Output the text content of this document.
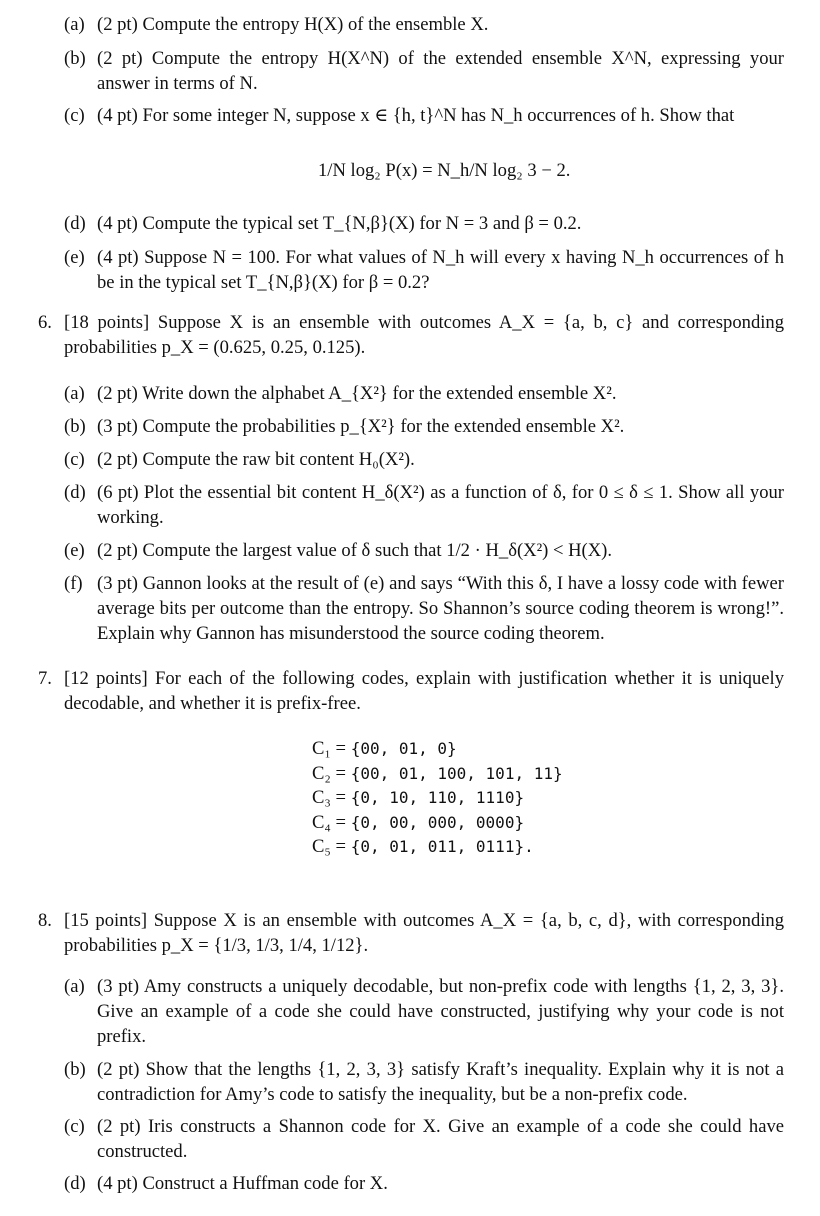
(a) (2 pt) Compute the entropy H(X) of the ensemble X.
(b) (2 pt) Compute the entropy H(X^N) of the extended ensemble X^N, expressing your answer in terms of N.
(c) (4 pt) For some integer N, suppose x ∈ {h, t}^N has N_h occurrences of h. Show that
1/N log₂ P(x) = N_h/N log₂ 3 − 2.
(d) (4 pt) Compute the typical set T_{N,β}(X) for N = 3 and β = 0.2.
(e) (4 pt) Suppose N = 100. For what values of N_h will every x having N_h occurrences of h be in the typical set T_{N,β}(X) for β = 0.2?
6. [18 points] Suppose X is an ensemble with outcomes A_X = {a, b, c} and corresponding probabilities p_X = (0.625, 0.25, 0.125).
(a) (2 pt) Write down the alphabet A_{X²} for the extended ensemble X².
(b) (3 pt) Compute the probabilities p_{X²} for the extended ensemble X².
(c) (2 pt) Compute the raw bit content H₀(X²).
(d) (6 pt) Plot the essential bit content H_δ(X²) as a function of δ, for 0 ≤ δ ≤ 1. Show all your working.
(e) (2 pt) Compute the largest value of δ such that 1/2 · H_δ(X²) < H(X).
(f) (3 pt) Gannon looks at the result of (e) and says “With this δ, I have a lossy code with fewer average bits per outcome than the entropy. So Shannon’s source coding theorem is wrong!”. Explain why Gannon has misunderstood the source coding theorem.
7. [12 points] For each of the following codes, explain with justification whether it is uniquely decodable, and whether it is prefix-free.
C₁ = {00, 01, 0}
C₂ = {00, 01, 100, 101, 11}
C₃ = {0, 10, 110, 1110}
C₄ = {0, 00, 000, 0000}
C₅ = {0, 01, 011, 0111}.
8. [15 points] Suppose X is an ensemble with outcomes A_X = {a, b, c, d}, with corresponding probabilities p_X = {1/3, 1/3, 1/4, 1/12}.
(a) (3 pt) Amy constructs a uniquely decodable, but non-prefix code with lengths {1, 2, 3, 3}. Give an example of a code she could have constructed, justifying why your code is not prefix.
(b) (2 pt) Show that the lengths {1, 2, 3, 3} satisfy Kraft’s inequality. Explain why it is not a contradiction for Amy’s code to satisfy the inequality, but be a non-prefix code.
(c) (2 pt) Iris constructs a Shannon code for X. Give an example of a code she could have constructed.
(d) (4 pt) Construct a Huffman code for X.
